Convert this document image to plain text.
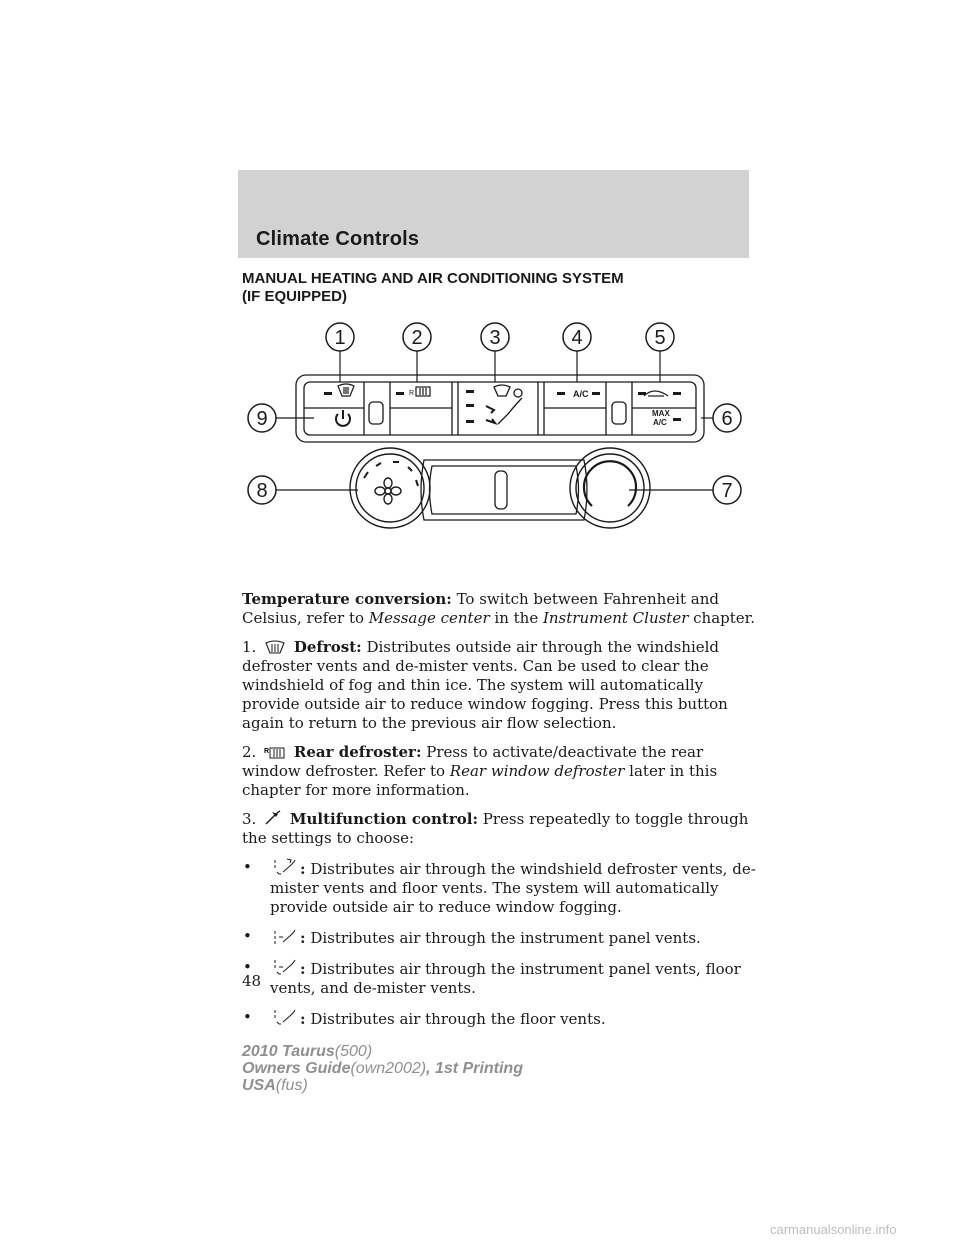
Climate Controls
MANUAL HEATING AND AIR CONDITIONING SYSTEM
(IF EQUIPPED)
1	2	3	4	5
6
7
8
9
R	A/C
MAX
A/C

Temperature conversion: To switch between Fahrenheit and Celsius, refer to Message center in the Instrument Cluster chapter.

1.	Defrost: Distributes outside air through the windshield defroster vents and de-mister vents. Can be used to clear the windshield of fog and thin ice. The system will automatically provide outside air to reduce window fogging. Press this button again to return to the previous air flow selection.

2. R Rear defroster: Press to activate/deactivate the rear window defroster. Refer to Rear window defroster later in this chapter for more information.

3. Multifunction control: Press repeatedly to toggle through the settings to choose:

•	: Distributes air through the windshield defroster vents, de-mister vents and floor vents. The system will automatically provide outside air to reduce window fogging.
•	: Distributes air through the instrument panel vents.
•	: Distributes air through the instrument panel vents, floor vents, and de-mister vents.
•	: Distributes air through the floor vents.
48
2010 Taurus(500)
Owners Guide(own2002), 1st Printing
USA(fus)
carmanualsonline.info
